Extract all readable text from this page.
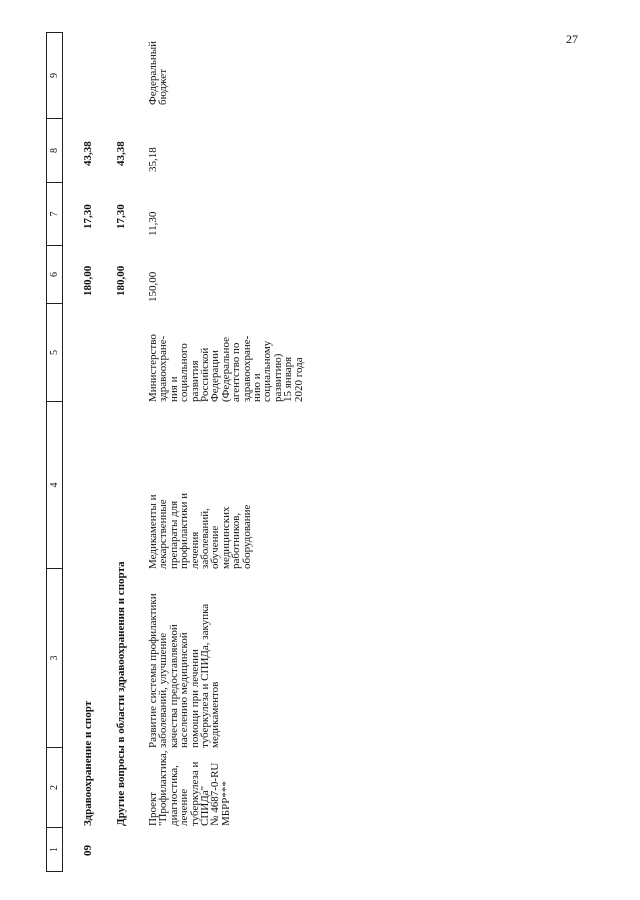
27
1
2
3
4
5
6
7
8
9
09
Здравоохранение и спорт
180,00
17,30
43,38
Другие вопросы в области здравоохранения и спорта
180,00
17,30
43,38
Проект
"Профилактика,
диагностика,
лечение
туберкулеза и
СПИДа"
№ 4687-0-RU
МБРР***
Развитие системы профилактики
заболеваний, улучшение
качества предоставляемой
населению медицинской
помощи при лечении
туберкулеза и СПИДа, закупка
медикаментов
Медикаменты и
лекарственные
препараты для
профилактики и
лечения
заболеваний,
обучение
медицинских
работников,
оборудование
Министерство
здравоохране-
ния и
социального
развития
Российской
Федерации
(Федеральное
агентство по
здравоохране-
нию и
социальному
развитию)
15 января
2020 года
150,00
11,30
35,18
Федеральный
бюджет
